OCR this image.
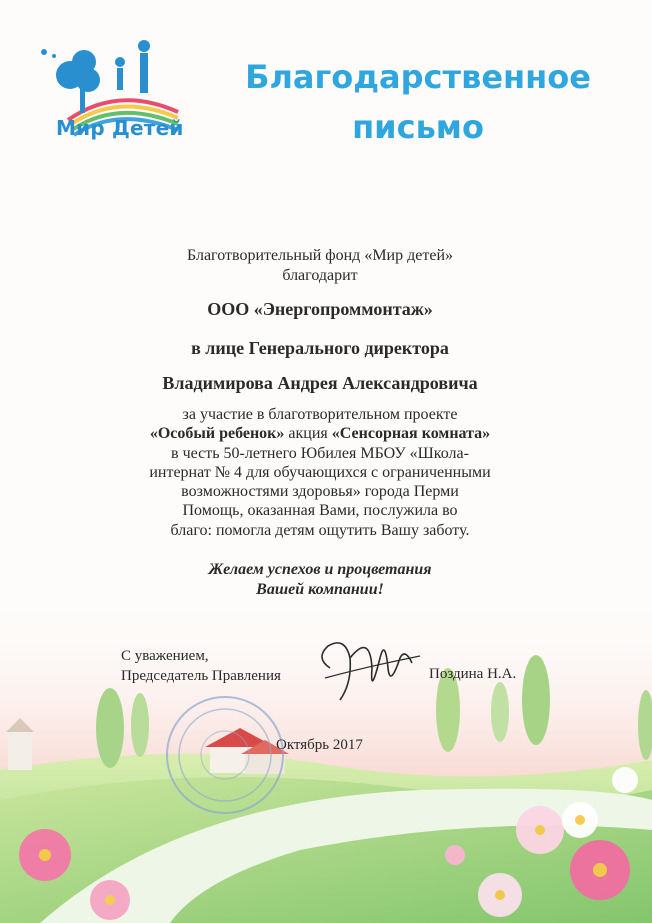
Мир Детей
Благодарственное
письмо
Благотворительный фонд «Мир детей»
благодарит
ООО «Энергопроммонтаж»
в лице Генерального директора
Владимирова Андрея Александровича
за участие в благотворительном проекте
«Особый ребенок» акция «Сенсорная комната»
в честь 50-летнего Юбилея МБОУ «Школа-
интернат № 4 для обучающихся с ограниченными
возможностями здоровья» города Перми
Помощь, оказанная Вами, послужила во
благо: помогла детям ощутить Вашу заботу.
Желаем успехов и процветания
Вашей компании!
С уважением,
Председатель Правления	Поздина Н.А.
Октябрь 2017
